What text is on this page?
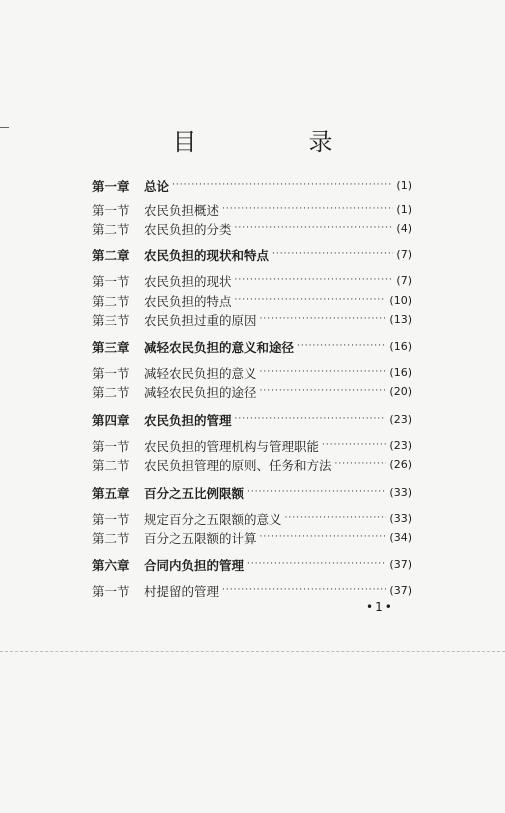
目　录
第一章	总论 ·····	(1)
第一节	农民负担概述 ·····	(1)
第二节	农民负担的分类 ·····	(4)
第二章	农民负担的现状和特点 ·····	(7)
第一节	农民负担的现状 ·····	(7)
第二节	农民负担的特点 ·····	(10)
第三节	农民负担过重的原因 ·····	(13)
第三章	减轻农民负担的意义和途径 ·····	(16)
第一节	减轻农民负担的意义 ·····	(16)
第二节	减轻农民负担的途径 ·····	(20)
第四章	农民负担的管理 ·····	(23)
第一节	农民负担的管理机构与管理职能 ·····	(23)
第二节	农民负担管理的原则、任务和方法 ·····	(26)
第五章	百分之五比例限额 ·····	(33)
第一节	规定百分之五限额的意义 ·····	(33)
第二节	百分之五限额的计算 ·····	(34)
第六章	合同内负担的管理 ·····	(37)
第一节	村提留的管理 ·····	(37)
•1•
